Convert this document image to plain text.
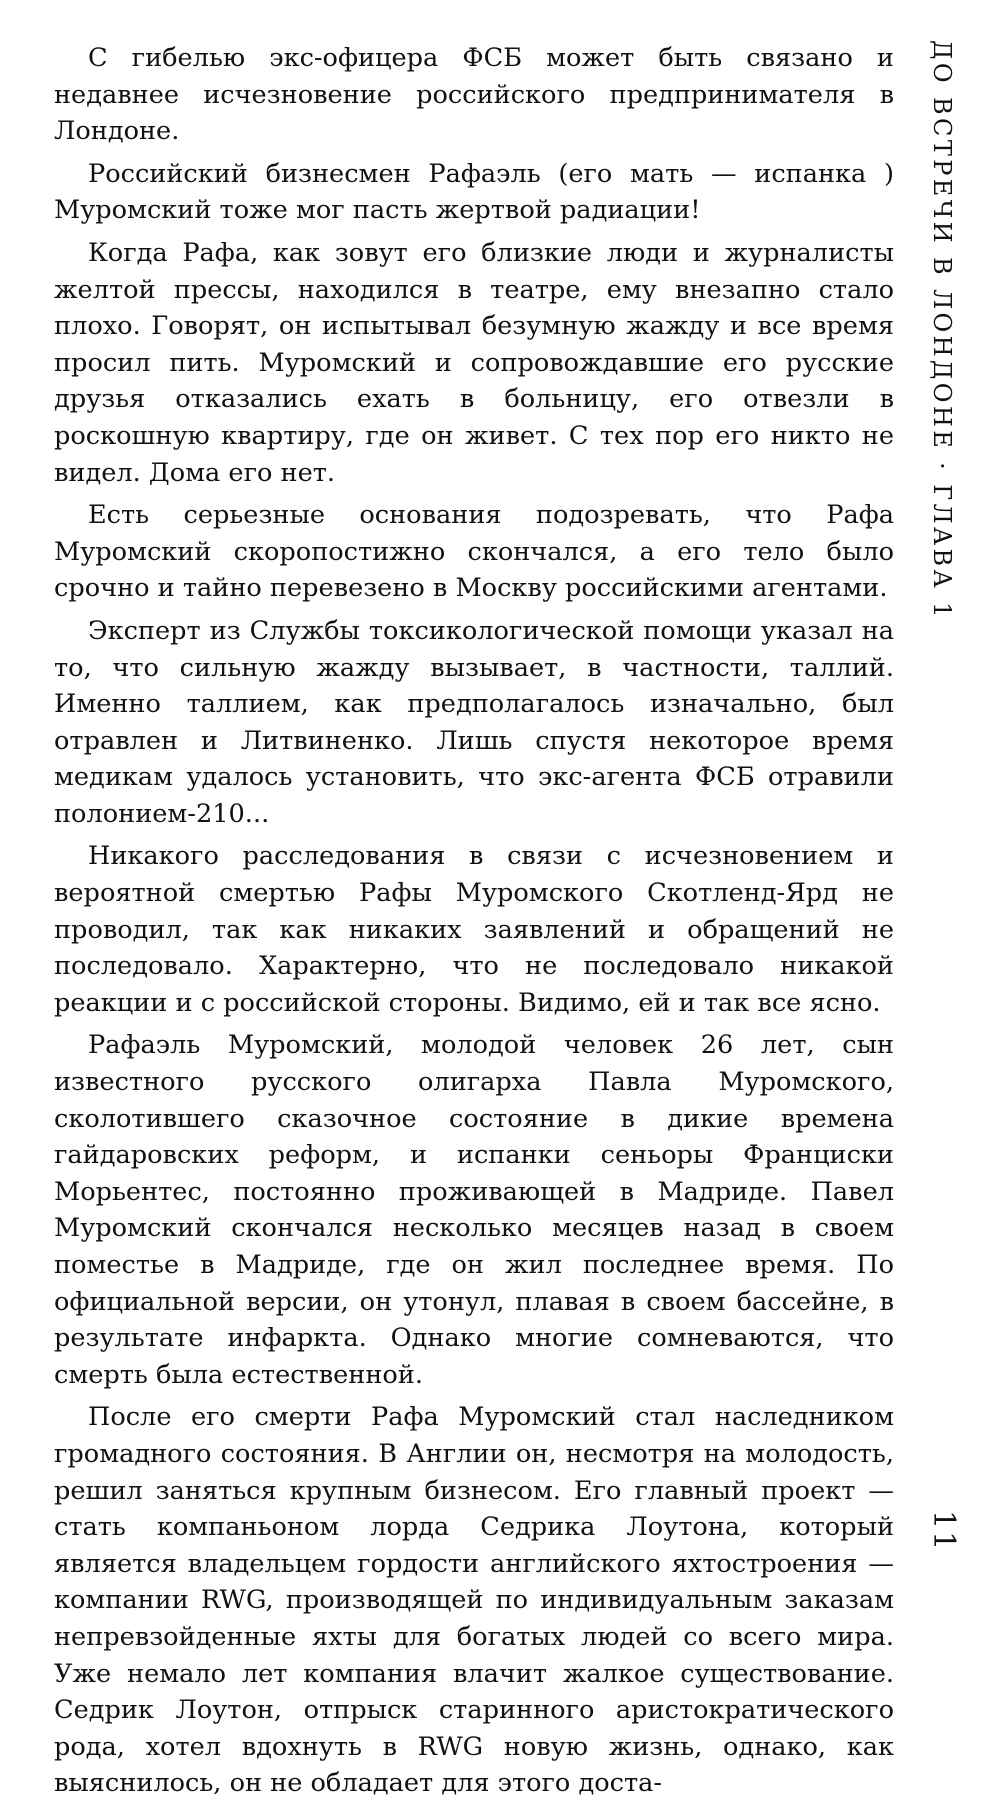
С гибелью экс-офицера ФСБ может быть связано и недавнее исчезновение российского предпринимателя в Лондоне.

Российский бизнесмен Рафаэль (его мать — испанка ) Муромский тоже мог пасть жертвой радиации!

Когда Рафа, как зовут его близкие люди и журналисты желтой прессы, находился в театре, ему внезапно стало плохо. Говорят, он испытывал безумную жажду и все время просил пить. Муромский и сопровождавшие его русские друзья отказались ехать в больницу, его отвезли в роскошную квартиру, где он живет. С тех пор его никто не видел. Дома его нет.

Есть серьезные основания подозревать, что Рафа Муромский скоропостижно скончался, а его тело было срочно и тайно перевезено в Москву российскими агентами.

Эксперт из Службы токсикологической помощи указал на то, что сильную жажду вызывает, в частности, таллий. Именно таллием, как предполагалось изначально, был отравлен и Литвиненко. Лишь спустя некоторое время медикам удалось установить, что экс-агента ФСБ отравили полонием-210...

Никакого расследования в связи с исчезновением и вероятной смертью Рафы Муромского Скотленд-Ярд не проводил, так как никаких заявлений и обращений не последовало. Характерно, что не последовало никакой реакции и с российской стороны. Видимо, ей и так все ясно.

Рафаэль Муромский, молодой человек 26 лет, сын известного русского олигарха Павла Муромского, сколотившего сказочное состояние в дикие времена гайдаровских реформ, и испанки сеньоры Франциски Морьентес, постоянно проживающей в Мадриде. Павел Муромский скончался несколько месяцев назад в своем поместье в Мадриде, где он жил последнее время. По официальной версии, он утонул, плавая в своем бассейне, в результате инфаркта. Однако многие сомневаются, что смерть была естественной.

После его смерти Рафа Муромский стал наследником громадного состояния. В Англии он, несмотря на молодость, решил заняться крупным бизнесом. Его главный проект — стать компаньоном лорда Седрика Лоутона, который является владельцем гордости английского яхтостроения — компании RWG, производящей по индивидуальным заказам непревзойденные яхты для богатых людей со всего мира. Уже немало лет компания влачит жалкое существование. Седрик Лоутон, отпрыск старинного аристократического рода, хотел вдохнуть в RWG новую жизнь, однако, как выяснилось, он не обладает для этого доста-

ДО ВСТРЕЧИ В ЛОНДОНЕ · ГЛАВА 1
11
